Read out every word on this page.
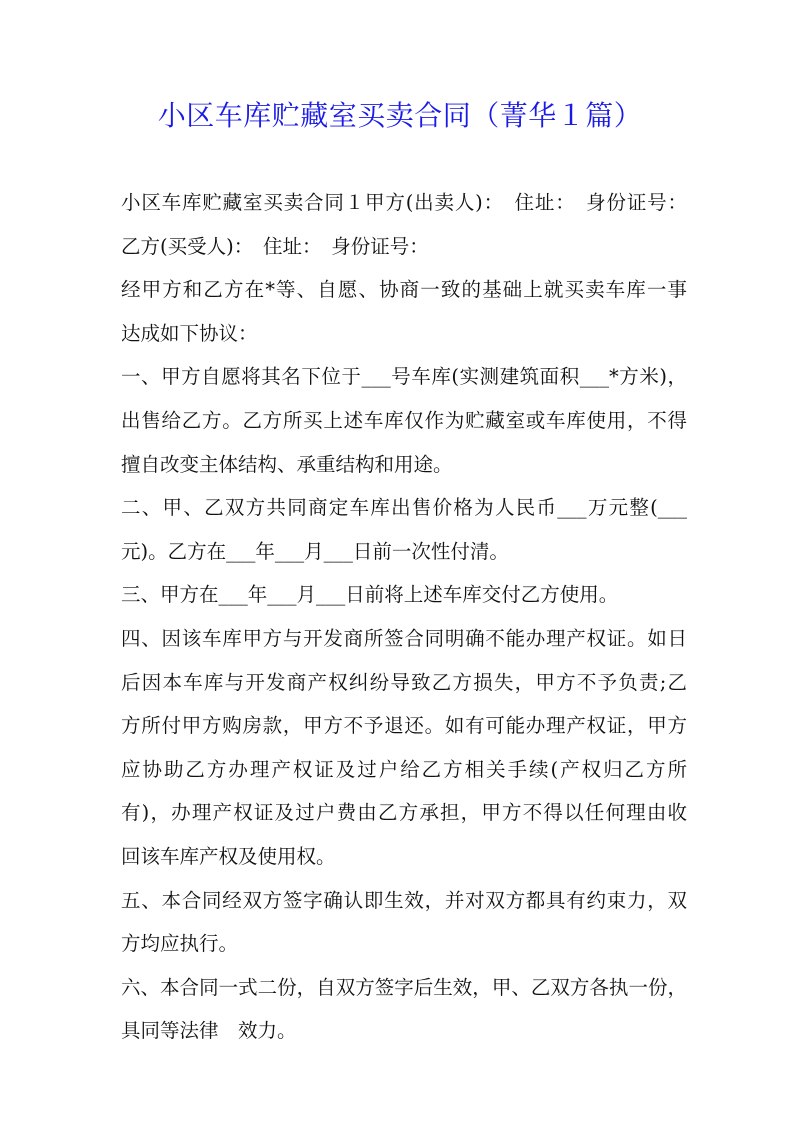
小区车库贮藏室买卖合同（菁华１篇）
小区车库贮藏室买卖合同１甲方(出卖人)：　住址：　身份证号：
乙方(买受人)：　住址：　身份证号：
经甲方和乙方在*等、自愿、协商一致的基础上就买卖车库一事
达成如下协议：
一、甲方自愿将其名下位于___号车库(实测建筑面积___*方米)，
出售给乙方。乙方所买上述车库仅作为贮藏室或车库使用，不得
擅自改变主体结构、承重结构和用途。
二、甲、乙双方共同商定车库出售价格为人民币___万元整(___
元)。乙方在___年___月___日前一次性付清。
三、甲方在___年___月___日前将上述车库交付乙方使用。
四、因该车库甲方与开发商所签合同明确不能办理产权证。如日
后因本车库与开发商产权纠纷导致乙方损失，甲方不予负责;乙
方所付甲方购房款，甲方不予退还。如有可能办理产权证，甲方
应协助乙方办理产权证及过户给乙方相关手续(产权归乙方所
有)，办理产权证及过户费由乙方承担，甲方不得以任何理由收
回该车库产权及使用权。
五、本合同经双方签字确认即生效，并对双方都具有约束力，双
方均应执行。
六、本合同一式二份，自双方签字后生效，甲、乙双方各执一份，
具同等法律　效力。
